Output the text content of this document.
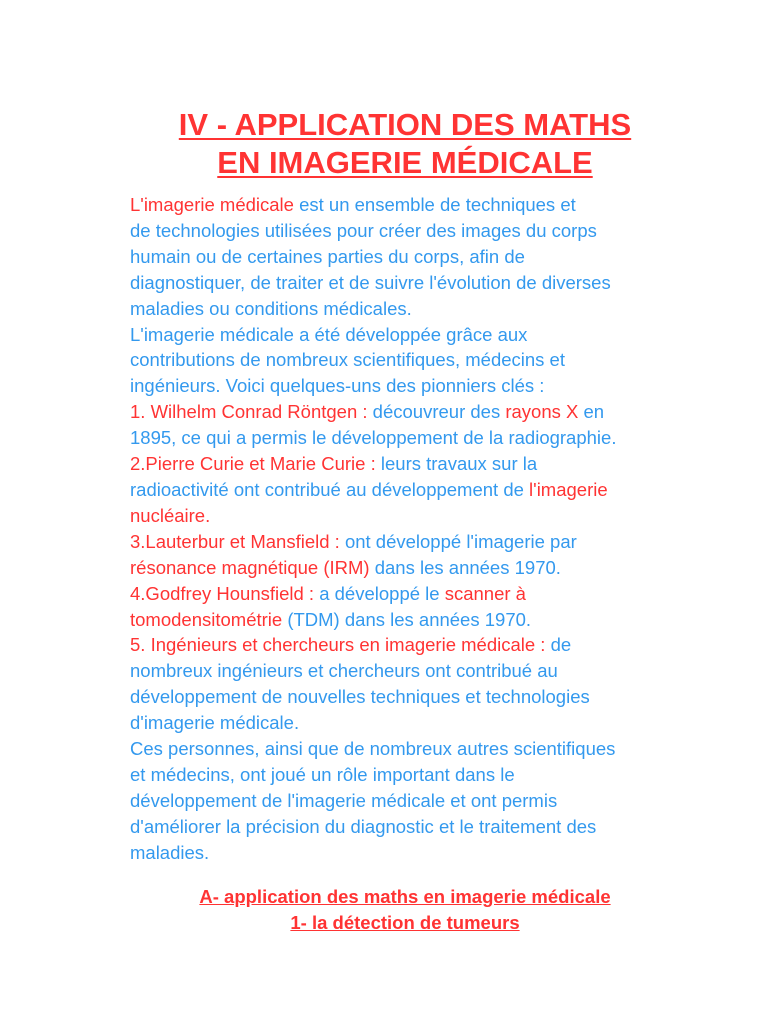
IV - APPLICATION DES MATHS
EN IMAGERIE MÉDICALE

L'imagerie médicale est un ensemble de techniques et

de technologies utilisées pour créer des images du corps

humain ou de certaines parties du corps, afin de

diagnostiquer, de traiter et de suivre l'évolution de diverses

maladies ou conditions médicales.

L'imagerie médicale a été développée grâce aux

contributions de nombreux scientifiques, médecins et

ingénieurs. Voici quelques-uns des pionniers clés :

1. Wilhelm Conrad Röntgen : découvreur des rayons X en

1895, ce qui a permis le développement de la radiographie.

2.Pierre Curie et Marie Curie : leurs travaux sur la

radioactivité ont contribué au développement de l'imagerie

nucléaire.

3.Lauterbur et Mansfield : ont développé l'imagerie par

résonance magnétique (IRM) dans les années 1970.

4.Godfrey Hounsfield : a développé le scanner à

tomodensitométrie (TDM) dans les années 1970.

5. Ingénieurs et chercheurs en imagerie médicale : de

nombreux ingénieurs et chercheurs ont contribué au

développement de nouvelles techniques et technologies

d'imagerie médicale.

Ces personnes, ainsi que de nombreux autres scientifiques

et médecins, ont joué un rôle important dans le

développement de l'imagerie médicale et ont permis

d'améliorer la précision du diagnostic et le traitement des

maladies.

A- application des maths en imagerie médicale
1- la détection de tumeurs
